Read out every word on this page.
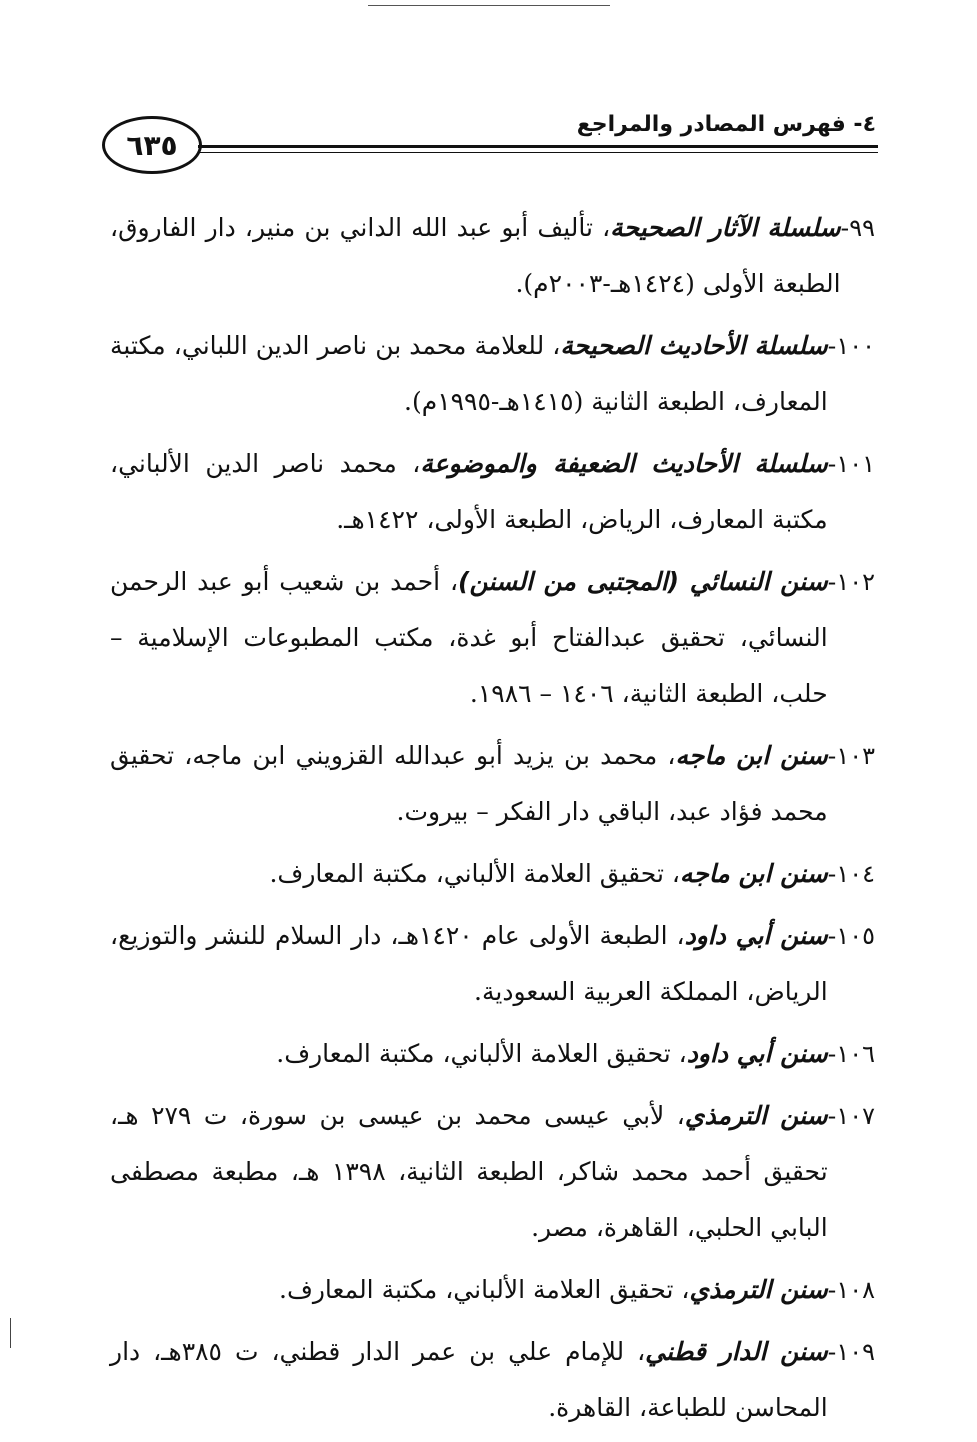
٦٣٥
٤- فهرس المصادر والمراجع
٩٩-
سلسلة الآثار الصحيحة، تأليف أبو عبد الله الداني بن منير، دار الفاروق، الطبعة الأولى (١٤٢٤هـ-٢٠٠٣م).
١٠٠-
سلسلة الأحاديث الصحيحة، للعلامة محمد بن ناصر الدين اللباني، مكتبة المعارف، الطبعة الثانية (١٤١٥هـ-١٩٩٥م).
١٠١-
سلسلة الأحاديث الضعيفة والموضوعة، محمد ناصر الدين الألباني، مكتبة المعارف، الرياض، الطبعة الأولى، ١٤٢٢هـ.
١٠٢-
سنن النسائي (المجتبى من السنن)، أحمد بن شعيب أبو عبد الرحمن النسائي، تحقيق عبدالفتاح أبو غدة، مكتب المطبوعات الإسلامية – حلب، الطبعة الثانية، ١٤٠٦ – ١٩٨٦.
١٠٣-
سنن ابن ماجه، محمد بن يزيد أبو عبدالله القزويني ابن ماجه، تحقيق محمد فؤاد عبد، الباقي دار الفكر – بيروت.
١٠٤-
سنن ابن ماجه، تحقيق العلامة الألباني، مكتبة المعارف.
١٠٥-
سنن أبي داود، الطبعة الأولى عام ١٤٢٠هـ، دار السلام للنشر والتوزيع، الرياض، المملكة العربية السعودية.
١٠٦-
سنن أبي داود، تحقيق العلامة الألباني، مكتبة المعارف.
١٠٧-
سنن الترمذي، لأبي عيسى محمد بن عيسى بن سورة، ت ٢٧٩ هـ، تحقيق أحمد محمد شاكر، الطبعة الثانية، ١٣٩٨ هـ، مطبعة مصطفى البابي الحلبي، القاهرة، مصر.
١٠٨-
سنن الترمذي، تحقيق العلامة الألباني، مكتبة المعارف.
١٠٩-
سنن الدار قطني، للإمام علي بن عمر الدار قطني، ت ٣٨٥هـ، دار المحاسن للطباعة، القاهرة.
